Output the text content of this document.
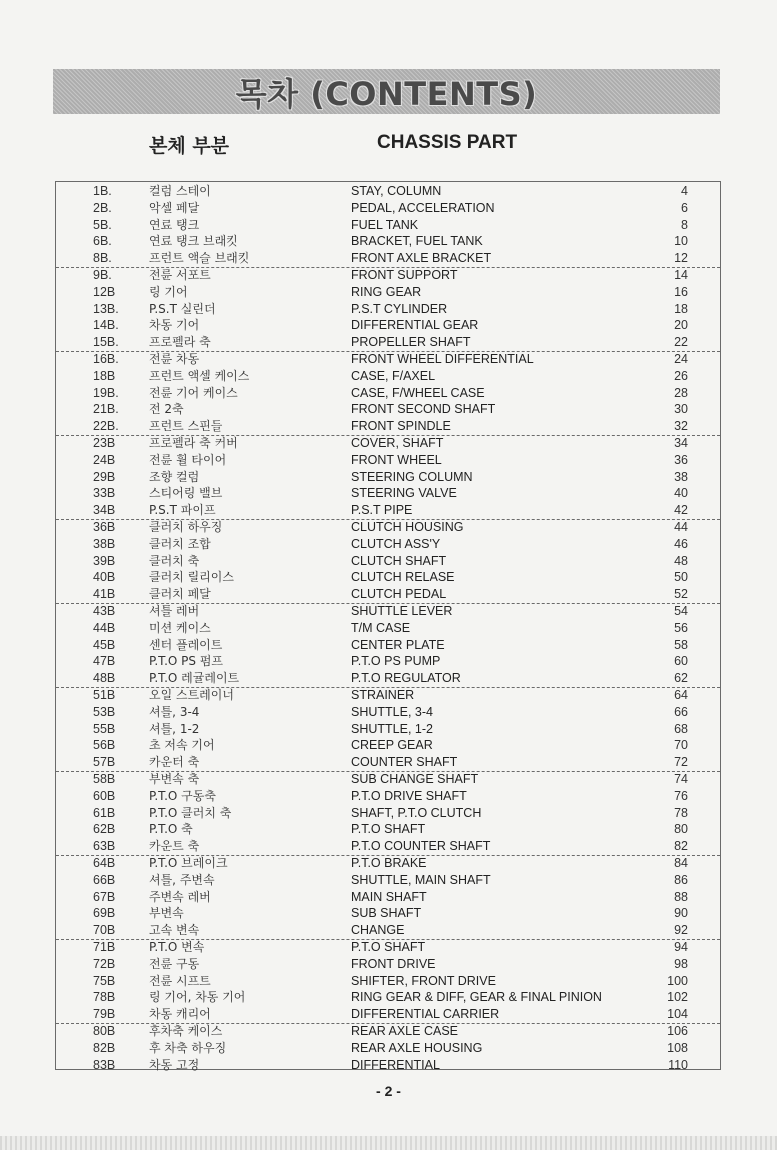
목차 (CONTENTS)
본체 부분	CHASSIS PART
1B.	컬럼 스테이	STAY, COLUMN	4
2B.	악셀 페달	PEDAL, ACCELERATION	6
5B.	연료 탱크	FUEL TANK	8
6B.	연료 탱크 브래킷	BRACKET, FUEL TANK	10
8B.	프런트 액슬 브래킷	FRONT AXLE BRACKET	12
9B.	전륜 서포트	FRONT SUPPORT	14
12B	링 기어	RING GEAR	16
13B.	P.S.T 실린더	P.S.T CYLINDER	18
14B.	차동 기어	DIFFERENTIAL GEAR	20
15B.	프로펠라 축	PROPELLER SHAFT	22
16B.	전륜 차동	FRONT WHEEL DIFFERENTIAL	24
18B	프런트 액셀 케이스	CASE, F/AXEL	26
19B.	전륜 기어 케이스	CASE, F/WHEEL CASE	28
21B.	전 2축	FRONT SECOND SHAFT	30
22B.	프런트 스핀들	FRONT SPINDLE	32
23B	프로펠라 축 커버	COVER, SHAFT	34
24B	전륜 휠 타이어	FRONT WHEEL	36
29B	조향 컬럼	STEERING COLUMN	38
33B	스티어링 밸브	STEERING VALVE	40
34B	P.S.T 파이프	P.S.T PIPE	42
36B	클러치 하우징	CLUTCH HOUSING	44
38B	클러치 조합	CLUTCH ASS'Y	46
39B	클러치 축	CLUTCH SHAFT	48
40B	클러치 릴리이스	CLUTCH RELASE	50
41B	클러치 페달	CLUTCH PEDAL	52
43B	셔틀 레버	SHUTTLE LEVER	54
44B	미션 케이스	T/M CASE	56
45B	센터 플레이트	CENTER PLATE	58
47B	P.T.O PS 펌프	P.T.O PS PUMP	60
48B	P.T.O 레귤레이트	P.T.O REGULATOR	62
51B	오일 스트레이너	STRAINER	64
53B	셔틀, 3-4	SHUTTLE, 3-4	66
55B	셔틀, 1-2	SHUTTLE, 1-2	68
56B	초 저속 기어	CREEP GEAR	70
57B	카운터 축	COUNTER SHAFT	72
58B	부변속 축	SUB CHANGE SHAFT	74
60B	P.T.O 구동축	P.T.O DRIVE SHAFT	76
61B	P.T.O 클러치 축	SHAFT, P.T.O CLUTCH	78
62B	P.T.O 축	P.T.O SHAFT	80
63B	카운트 축	P.T.O COUNTER SHAFT	82
64B	P.T.O 브레이크	P.T.O BRAKE	84
66B	셔틀, 주변속	SHUTTLE, MAIN SHAFT	86
67B	주변속 레버	MAIN SHAFT	88
69B	부변속	SUB SHAFT	90
70B	고속 변속	CHANGE	92
71B	P.T.O 변속	P.T.O SHAFT	94
72B	전륜 구동	FRONT DRIVE	98
75B	전륜 시프트	SHIFTER, FRONT DRIVE	100
78B	링 기어, 차동 기어	RING GEAR & DIFF, GEAR & FINAL PINION	102
79B	차동 캐리어	DIFFERENTIAL CARRIER	104
80B	후차축 케이스	REAR AXLE CASE	106
82B	후 차축 하우징	REAR AXLE HOUSING	108
83B	차동 고정	DIFFERENTIAL	110
- 2 -
